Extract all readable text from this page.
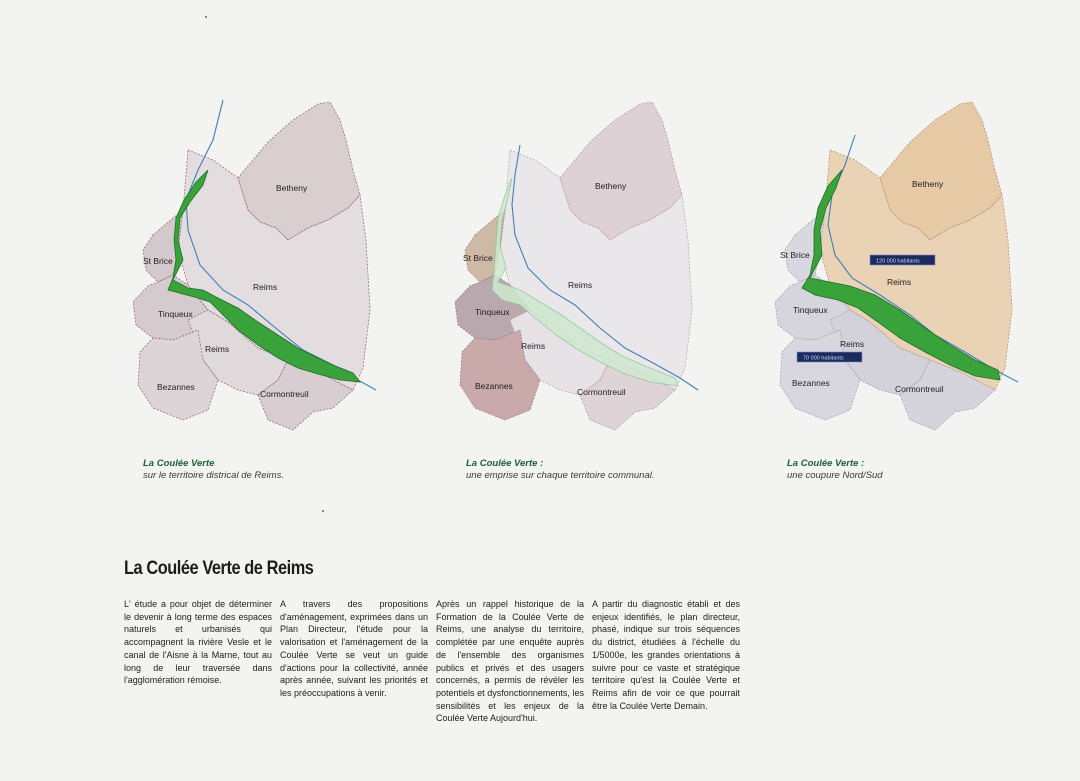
Betheny
St Brice
Reims
Tinqueux
Reims
Bezannes
Cormontreuil
La Coulée Verte
sur le territoire districal de Reims.
Betheny
St Brice
Reims
Tinqueux
Reims
Bezannes
Cormontreuil
La Coulée Verte :
une emprise sur chaque territoire communal.
120 000 habitants
70 000 habitants
Betheny
St Brice
Reims
Tinqueux
Reims
Bezannes
Cormontreuil
La Coulée Verte :
une coupure Nord/Sud
La Coulée Verte de Reims
L' étude a pour objet de déterminer le devenir à long terme des espaces naturels et urbanisés qui accompagnent la rivière Vesle et le canal de l'Aisne à la Marne, tout au long de leur traversée dans l'agglomération rémoise.
A travers des propositions d'aménagement, exprimées dans un Plan Directeur, l'étude pour la valorisation et l'aménagement de la Coulée Verte se veut un guide d'actions pour la collectivité, année après année, suivant les priorités et les préoccupations à venir.
Après un rappel historique de la Formation de la Coulée Verte de Reims, une analyse du territoire, complétée par une enquête auprès de l'ensemble des organismes publics et privés et des usagers concernés, a permis de révéler les potentiels et dysfonctionnements, les sensibilités et les enjeux de la Coulée Verte Aujourd'hui.
A partir du diagnostic établi et des enjeux identifiés, le plan directeur, phasé, indique sur trois séquences du district, étudiées à l'échelle du 1/5000e, les grandes orientations à suivre pour ce vaste et stratégique territoire qu'est la Coulée Verte et Reims afin de voir ce que pourrait être la Coulée Verte Demain.
